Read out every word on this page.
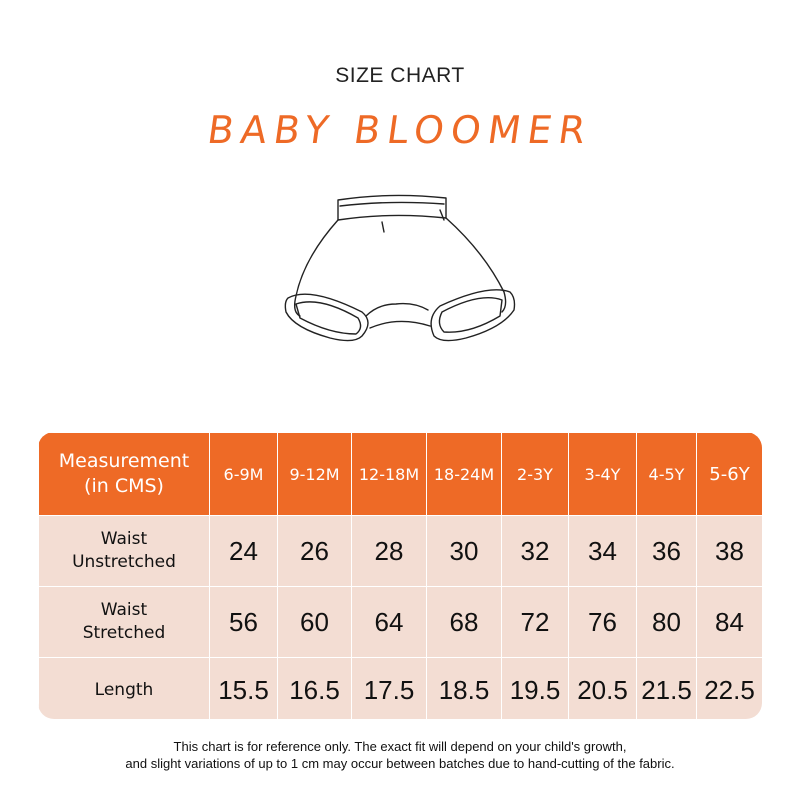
SIZE CHART
BABY BLOOMER
Measurement
(in CMS)	6-9M	9-12M	12-18M	18-24M	2-3Y	3-4Y	4-5Y	5-6Y
Waist
Unstretched	24	26	28	30	32	34	36	38
Waist
Stretched	56	60	64	68	72	76	80	84
Length	15.5	16.5	17.5	18.5	19.5	20.5	21.5	22.5
This chart is for reference only. The exact fit will depend on your child's growth,
and slight variations of up to 1 cm may occur between batches due to hand-cutting of the fabric.
